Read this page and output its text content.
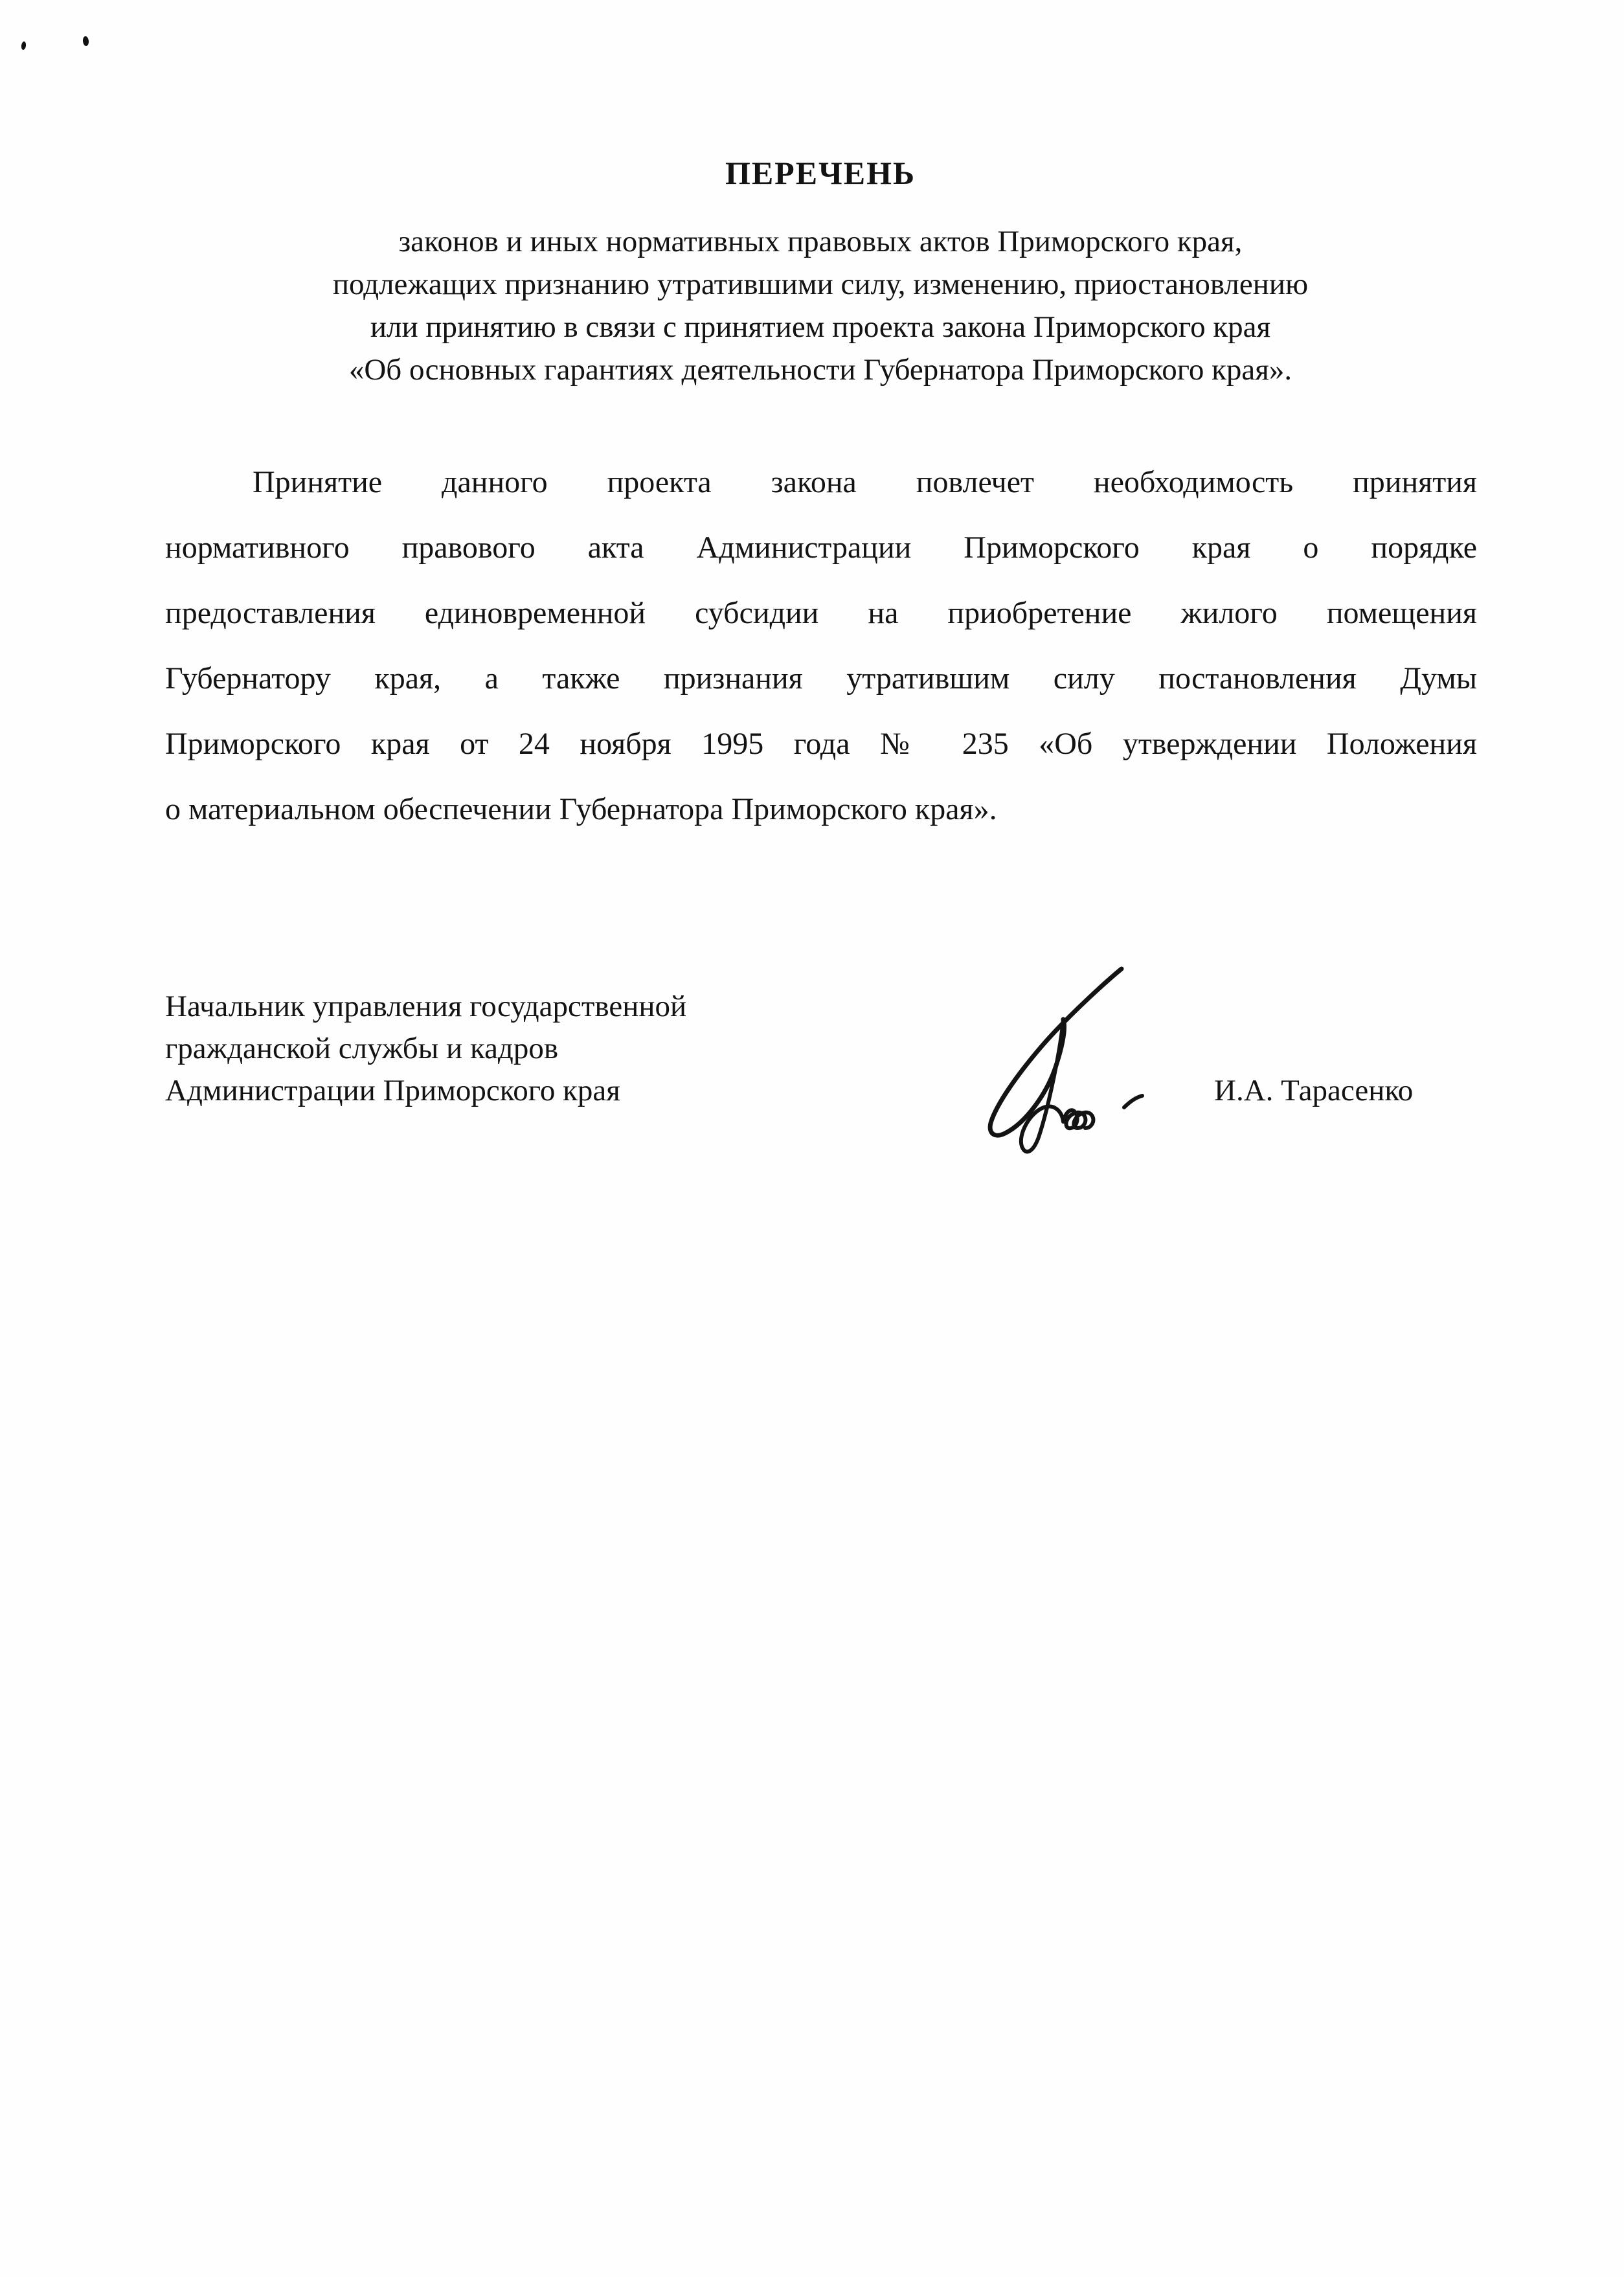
ПЕРЕЧЕНЬ
законов и иных нормативных правовых актов Приморского края,
подлежащих признанию утратившими силу, изменению, приостановлению
или принятию в связи с принятием проекта закона Приморского края
«Об основных гарантиях деятельности Губернатора Приморского края».
Принятие данного проекта закона повлечет необходимость принятия
нормативного правового акта Администрации Приморского края о порядке
предоставления единовременной субсидии на приобретение жилого помещения
Губернатору края, а также признания утратившим силу постановления Думы
Приморского края от 24 ноября 1995 года № 235 «Об утверждении Положения
о материальном обеспечении Губернатора Приморского края».
Начальник управления государственной
гражданской службы и кадров
Администрации Приморского края	И.А. Тарасенко
